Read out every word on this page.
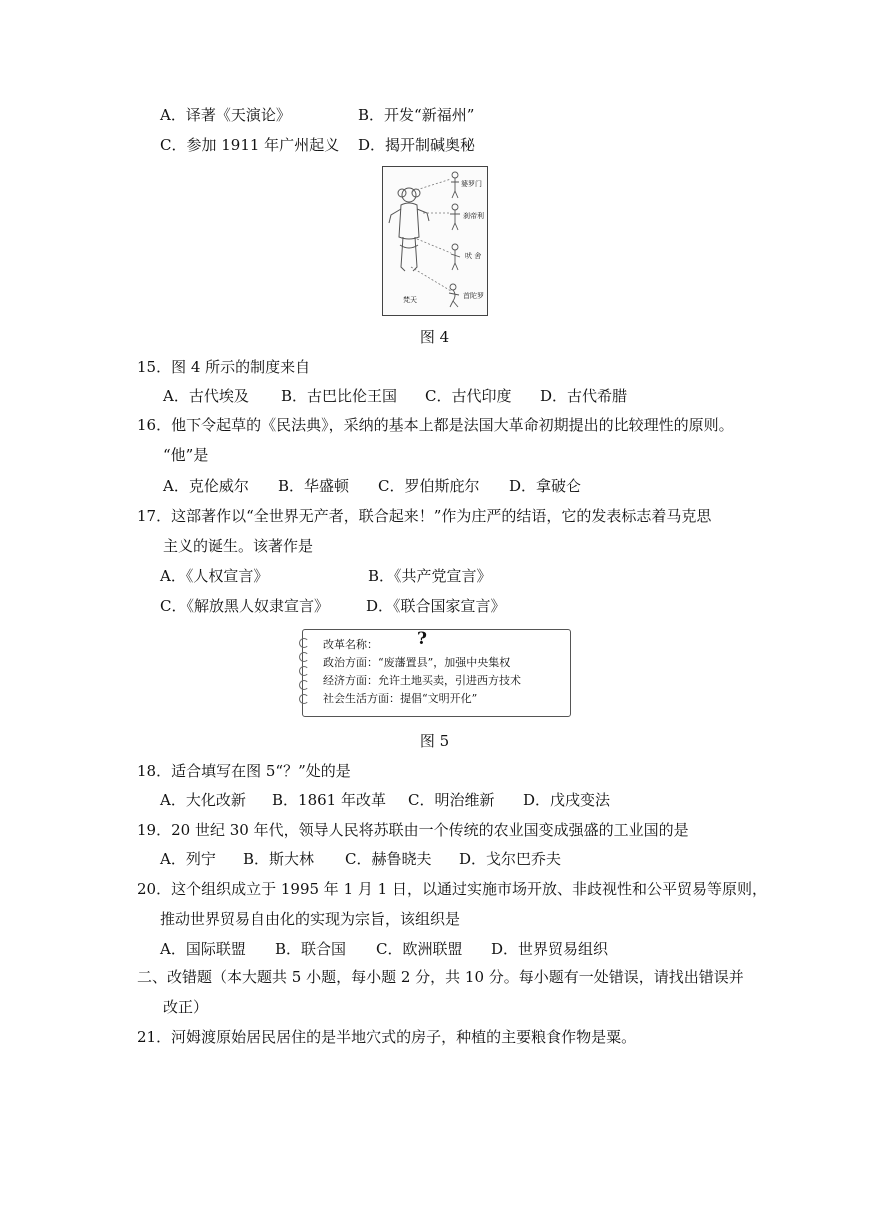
A．译著《天演论》	B．开发“新福州”
C．参加 1911 年广州起义 D．揭开制碱奥秘
婆罗门
刹帝利
吠 舍
首陀罗
梵天
图 4
15．图 4 所示的制度来自
A．古代埃及 B．古巴比伦王国 C．古代印度 D．古代希腊
16．他下令起草的《民法典》，采纳的基本上都是法国大革命初期提出的比较理性的原则。
“他”是
A．克伦威尔 B．华盛顿 C．罗伯斯庇尔 D．拿破仑
17．这部著作以“全世界无产者，联合起来！”作为庄严的结语，它的发表标志着马克思
主义的诞生。该著作是
A．《人权宣言》	B．《共产党宣言》
C．《解放黑人奴隶宣言》 D．《联合国家宣言》
改革名称： ?
政治方面：“废藩置县”，加强中央集权
经济方面：允许土地买卖，引进西方技术
社会生活方面：提倡“文明开化”
图 5
18．适合填写在图 5“？”处的是
A．大化改新 B．1861 年改革 C．明治维新 D．戊戌变法
19．20 世纪 30 年代，领导人民将苏联由一个传统的农业国变成强盛的工业国的是
A．列宁 B．斯大林 C．赫鲁晓夫 D．戈尔巴乔夫
20．这个组织成立于 1995 年 1 月 1 日，以通过实施市场开放、非歧视性和公平贸易等原则，
推动世界贸易自由化的实现为宗旨，该组织是
A．国际联盟 B．联合国 C．欧洲联盟 D．世界贸易组织
二、改错题（本大题共 5 小题，每小题 2 分，共 10 分。每小题有一处错误，请找出错误并
改正）
21．河姆渡原始居民居住的是半地穴式的房子，种植的主要粮食作物是粟。
